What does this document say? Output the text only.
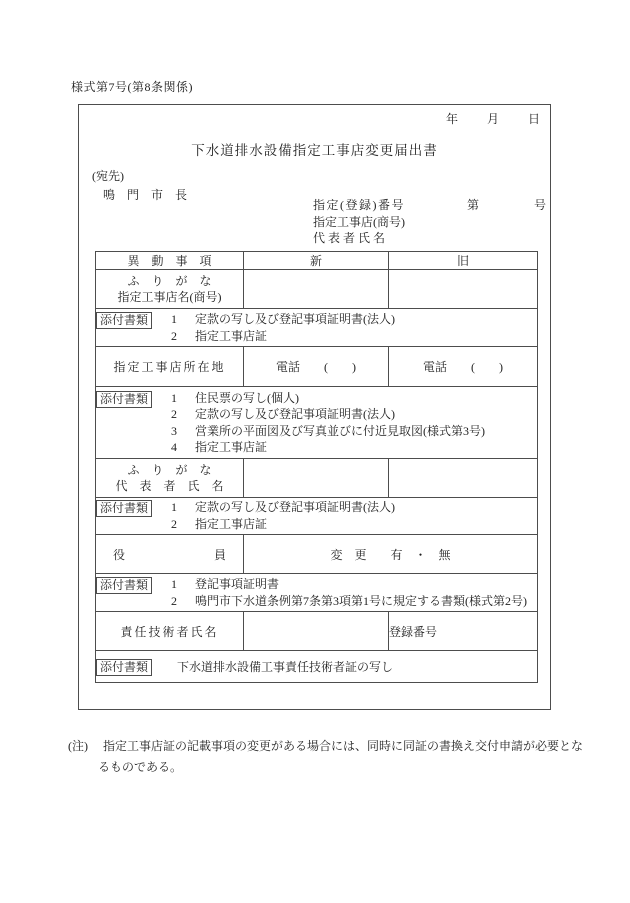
様式第7号(第8条関係)
年 月 日
下水道排水設備指定工事店変更届出書
(宛先)
鳴　門　市　長
指定(登録)番号	第	号
指定工事店(商号)
代表者氏名
異　動　事　項	新	旧

ふ　り　が　な
指定工事店名(商号)		

添付書類 1 定款の写し及び登記事項証明書(法人)
2 指定工事店証		

指定工事店所在地	電話　　(　　)	電話　　(　　)

添付書類	1	住民票の写し(個人)
2	定款の写し及び登記事項証明書(法人)
3	営業所の平面図及び写真並びに付近見取図(様式第3号)
4	指定工事店証

ふ　り　が　な
代　表　者　氏　名		

添付書類 1 定款の写し及び登記事項証明書(法人)
2 指定工事店証		

役 員	変　更　　有　・　無	

添付書類 1 登記事項証明書
2 鳴門市下水道条例第7条第3項第1号に規定する書類(様式第2号)		

責任技術者氏名		登録番号

添付書類 下水道排水設備工事責任技術者証の写し		
(注) 指定工事店証の記載事項の変更がある場合には、同時に同証の書換え交付申請が必要となるものである。
